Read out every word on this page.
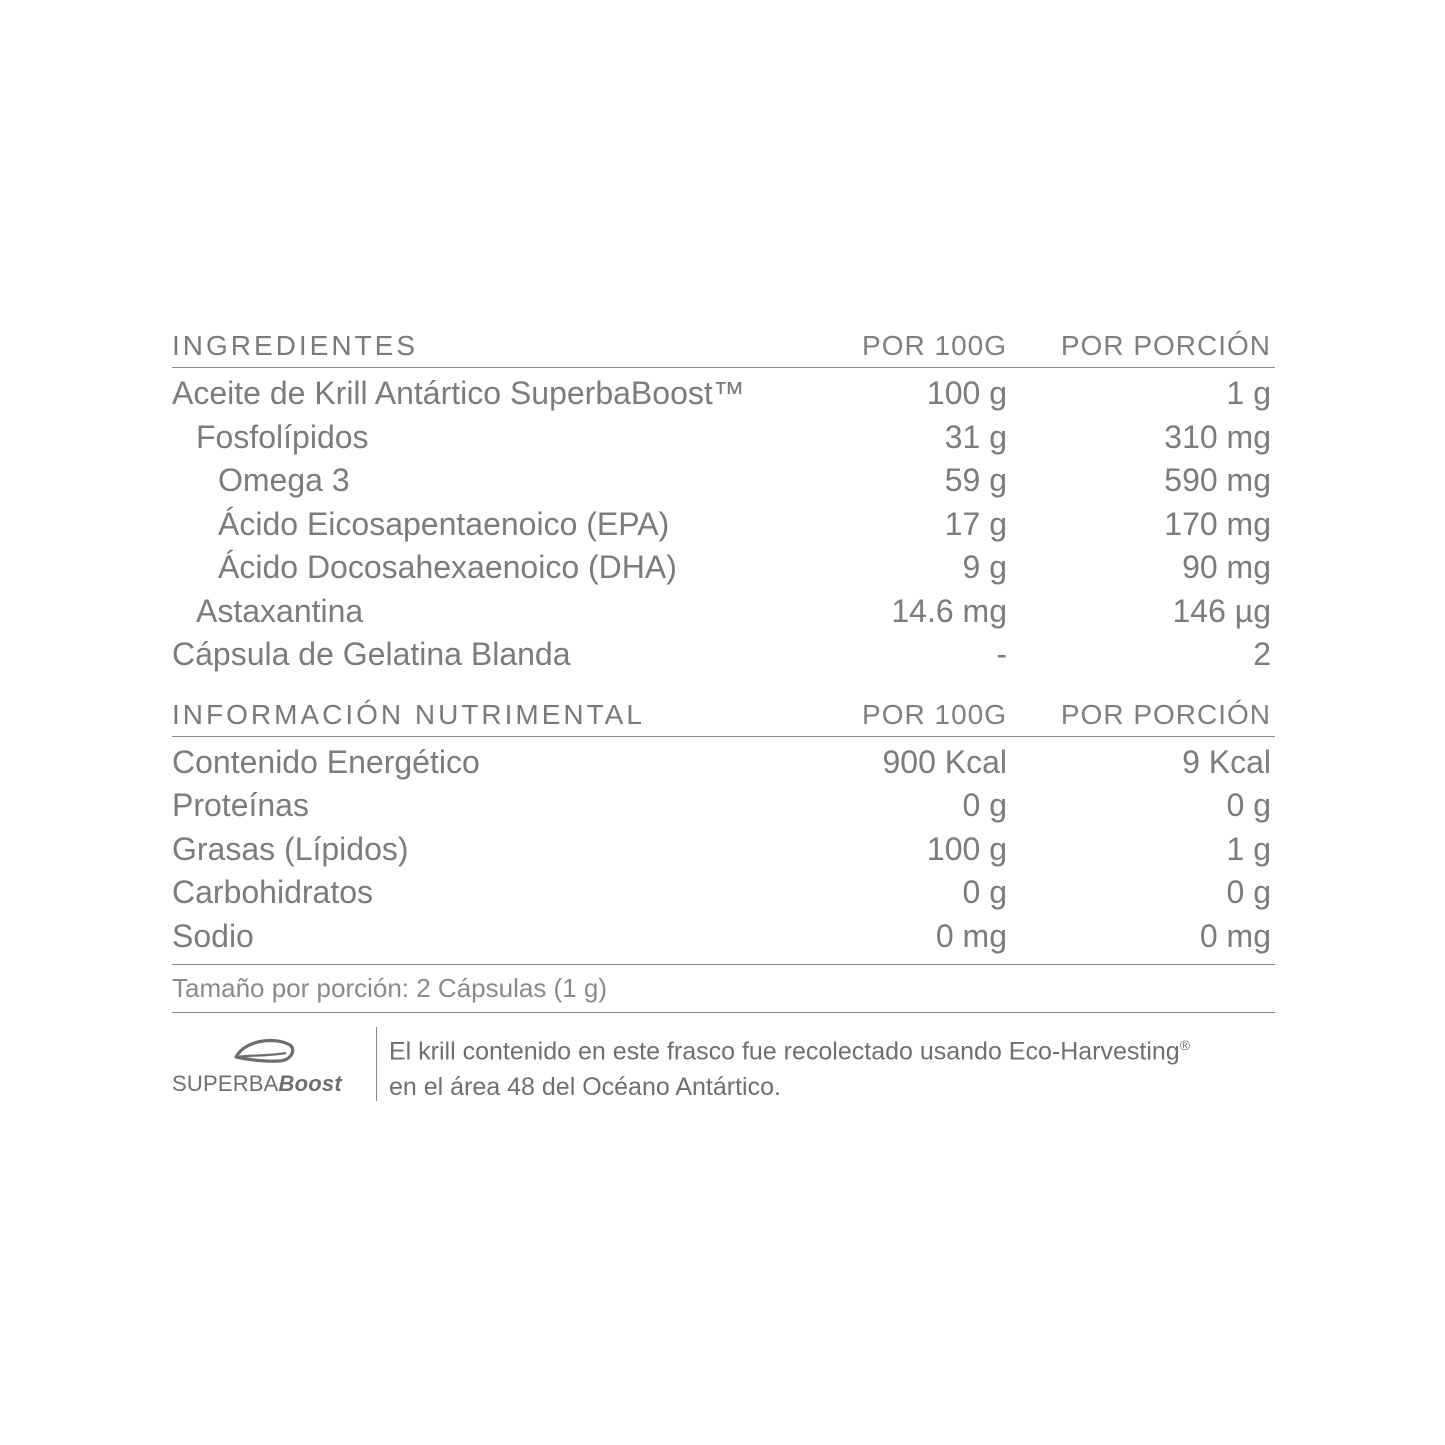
INGREDIENTES	POR 100G	POR PORCIÓN
Aceite de Krill Antártico SuperbaBoost™	100 g	1 g
Fosfolípidos	31 g	310 mg
Omega 3	59 g	590 mg
Ácido Eicosapentaenoico (EPA)	17 g	170 mg
Ácido Docosahexaenoico (DHA)	9 g	90 mg
Astaxantina	14.6 mg	146 µg
Cápsula de Gelatina Blanda	-	2
INFORMACIÓN NUTRIMENTAL	POR 100G	POR PORCIÓN
Contenido Energético	900 Kcal	9 Kcal
Proteínas	0 g	0 g
Grasas (Lípidos)	100 g	1 g
Carbohidratos	0 g	0 g
Sodio	0 mg	0 mg
Tamaño por porción: 2 Cápsulas (1 g)
SUPERBABoost
El krill contenido en este frasco fue recolectado usando Eco-Harvesting®
en el área 48 del Océano Antártico.
